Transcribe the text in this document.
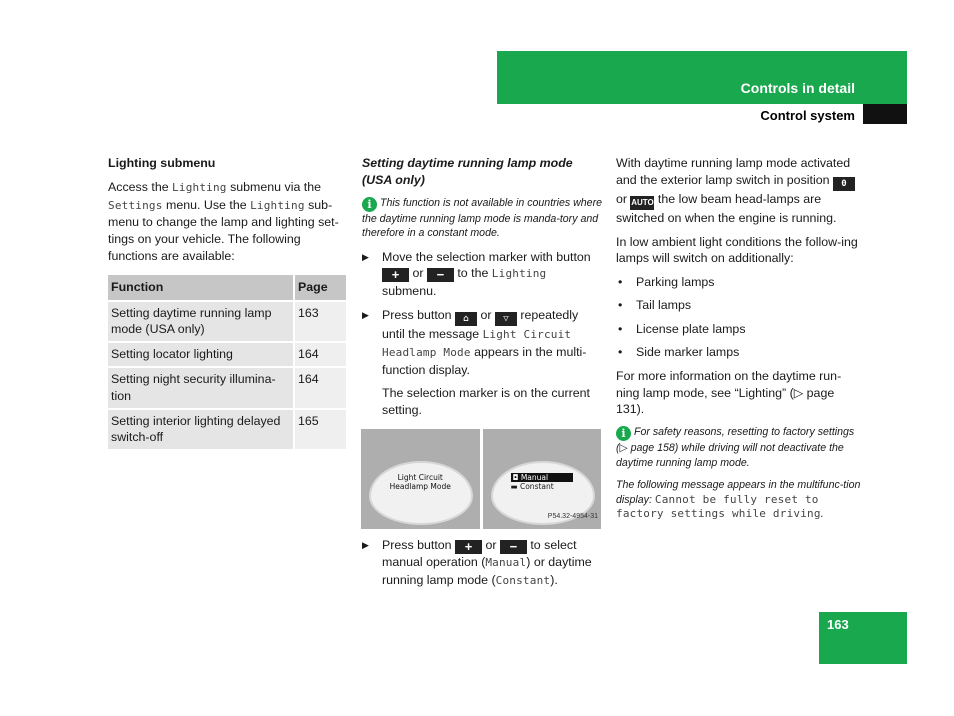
Controls in detail
Control system
Lighting submenu

Access the Lighting submenu via the Settings menu. Use the Lighting sub-menu to change the lamp and lighting set-tings on your vehicle. The following functions are available:

Function	Page
Setting daytime running lamp mode (USA only)	163
Setting locator lighting	164
Setting night security illumina-tion	164
Setting interior lighting delayed switch-off	165
Setting daytime running lamp mode (USA only)

i This function is not available in countries where the daytime running lamp mode is manda-tory and therefore in a constant mode.

▶ Move the selection marker with button + or − to the Lighting submenu.
▶ Press button ⌂ or ▽ repeatedly until the message Light Circuit Headlamp Mode appears in the multi-function display.

The selection marker is on the current setting.

Light Circuit
Headlamp Mode
◘ Manual
▬ Constant
P54.32-4954-31
▶ Press button + or − to select manual operation (Manual) or daytime running lamp mode (Constant).

With daytime running lamp mode activated and the exterior lamp switch in position 0 or AUTO the low beam head-lamps are switched on when the engine is running.

In low ambient light conditions the follow-ing lamps will switch on additionally:

• Parking lamps
• Tail lamps
• License plate lamps
• Side marker lamps

For more information on the daytime run-ning lamp mode, see “Lighting” (▷ page 131).

i For safety reasons, resetting to factory settings (▷ page 158) while driving will not deactivate the daytime running lamp mode.

The following message appears in the multifunc-tion display: Cannot be fully reset to factory settings while driving.

163
